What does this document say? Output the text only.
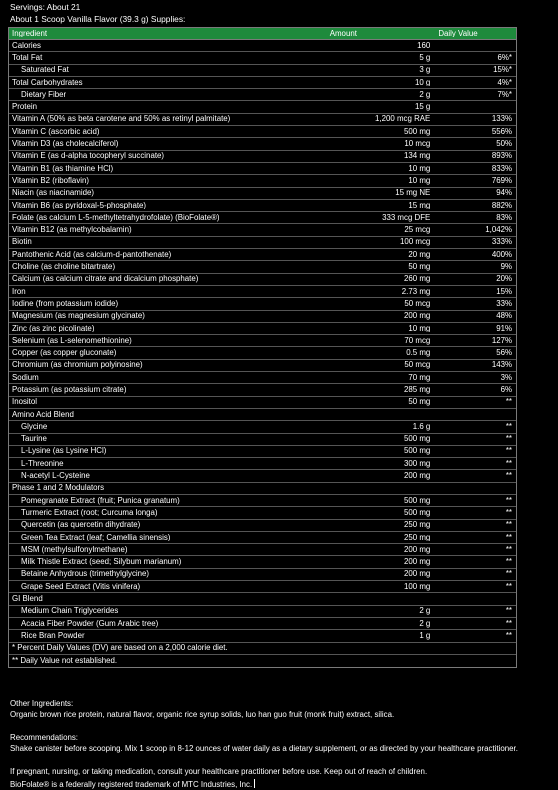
Servings: About 21
About 1 Scoop Vanilla Flavor (39.3 g) Supplies:
Ingredient	Amount	Daily Value
Calories	160
Total Fat	5 g	6%*
Saturated Fat	3 g	15%*
Total Carbohydrates	10 g	4%*
Dietary Fiber	2 g	7%*
Protein	15 g
Vitamin A (50% as beta carotene and 50% as retinyl palmitate)	1,200 mcg RAE	133%
Vitamin C (ascorbic acid)	500 mg	556%
Vitamin D3 (as cholecalciferol)	10 mcg	50%
Vitamin E (as d-alpha tocopheryl succinate)	134 mg	893%
Vitamin B1 (as thiamine HCl)	10 mg	833%
Vitamin B2 (riboflavin)	10 mg	769%
Niacin (as niacinamide)	15 mg NE	94%
Vitamin B6 (as pyridoxal-5-phosphate)	15 mg	882%
Folate (as calcium L-5-methyltetrahydrofolate) (BioFolate®)	333 mcg DFE	83%
Vitamin B12 (as methylcobalamin)	25 mcg	1,042%
Biotin	100 mcg	333%
Pantothenic Acid (as calcium-d-pantothenate)	20 mg	400%
Choline (as choline bitartrate)	50 mg	9%
Calcium (as calcium citrate and dicalcium phosphate)	260 mg	20%
Iron	2.73 mg	15%
Iodine (from potassium iodide)	50 mcg	33%
Magnesium (as magnesium glycinate)	200 mg	48%
Zinc (as zinc picolinate)	10 mg	91%
Selenium (as L-selenomethionine)	70 mcg	127%
Copper (as copper gluconate)	0.5 mg	56%
Chromium (as chromium polyinosine)	50 mcg	143%
Sodium	70 mg	3%
Potassium (as potassium citrate)	285 mg	6%
Inositol	50 mg	**
Amino Acid Blend
Glycine	1.6 g	**
Taurine	500 mg	**
L-Lysine (as Lysine HCl)	500 mg	**
L-Threonine	300 mg	**
N-acetyl L-Cysteine	200 mg	**
Phase 1 and 2 Modulators
Pomegranate Extract (fruit; Punica granatum)	500 mg	**
Turmeric Extract (root; Curcuma longa)	500 mg	**
Quercetin (as quercetin dihydrate)	250 mg	**
Green Tea Extract (leaf; Camellia sinensis)	250 mg	**
MSM (methylsulfonylmethane)	200 mg	**
Milk Thistle Extract (seed; Silybum marianum)	200 mg	**
Betaine Anhydrous (trimethylglycine)	200 mg	**
Grape Seed Extract (Vitis vinifera)	100 mg	**
GI Blend
Medium Chain Triglycerides	2 g	**
Acacia Fiber Powder (Gum Arabic tree)	2 g	**
Rice Bran Powder	1 g	**
* Percent Daily Values (DV) are based on a 2,000 calorie diet.
** Daily Value not established.
Other Ingredients:
Organic brown rice protein, natural flavor, organic rice syrup solids, luo han guo fruit (monk fruit) extract, silica.
Recommendations:
Shake canister before scooping. Mix 1 scoop in 8-12 ounces of water daily as a dietary supplement, or as directed by your healthcare practitioner.
If pregnant, nursing, or taking medication, consult your healthcare practitioner before use. Keep out of reach of children.
BioFolate® is a federally registered trademark of MTC Industries, Inc.
